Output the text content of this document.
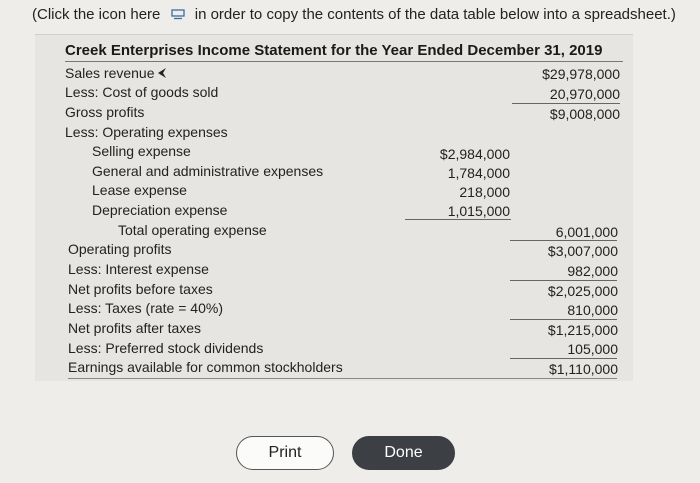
(Click the icon here in order to copy the contents of the data table below into a spreadsheet.)
Creek Enterprises Income Statement for the Year Ended December 31, 2019
Sales revenue
Less: Cost of goods sold
Gross profits
Less: Operating expenses
Selling expense
General and administrative expenses
Lease expense
Depreciation expense
Total operating expense
Operating profits
Less: Interest expense
Net profits before taxes
Less: Taxes (rate = 40%)
Net profits after taxes
Less: Preferred stock dividends
Earnings available for common stockholders
$2,984,000
1,784,000
218,000
1,015,000
$29,978,000
20,970,000
$9,008,000
6,001,000
$3,007,000
982,000
$2,025,000
810,000
$1,215,000
105,000
$1,110,000
Print	Done
